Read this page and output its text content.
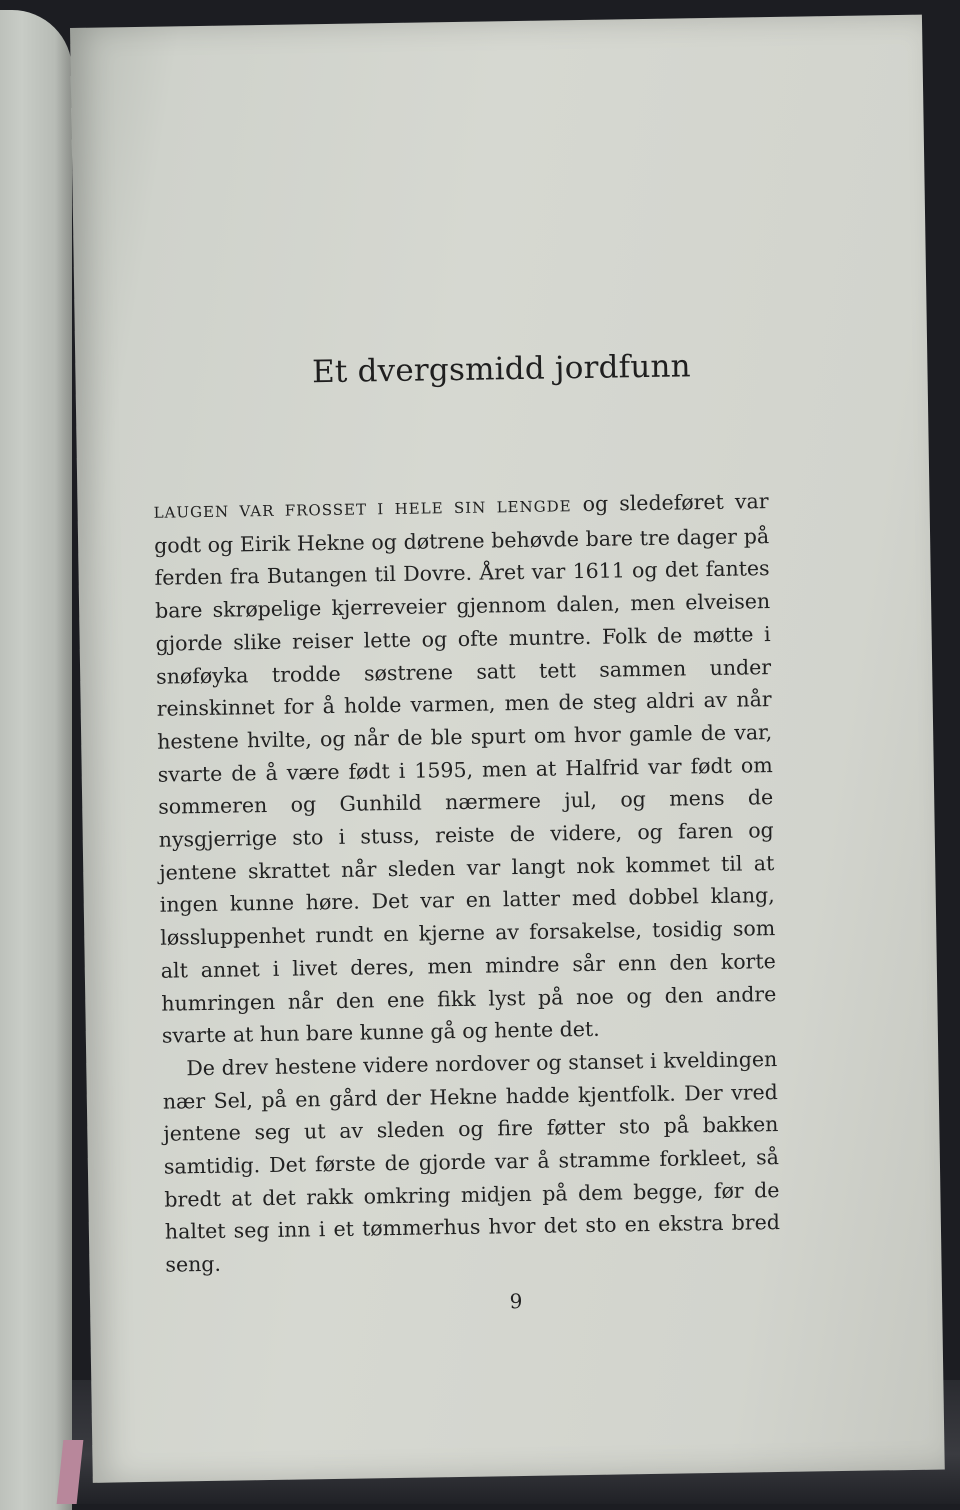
Et dvergsmidd jordfunn

LAUGEN VAR FROSSET I HELE SIN LENGDE og sledeføret var godt og Eirik Hekne og døtrene behøvde bare tre dager på ferden fra Butangen til Dovre. Året var 1611 og det fantes bare skrøpelige kjerreveier gjennom dalen, men elveisen gjorde slike reiser lette og ofte muntre. Folk de møtte i snøføyka trodde søstrene satt tett sammen under reinskinnet for å holde varmen, men de steg aldri av når hestene hvilte, og når de ble spurt om hvor gamle de var, svarte de å være født i 1595, men at Halfrid var født om sommeren og Gunhild nærmere jul, og mens de nysgjerrige sto i stuss, reiste de videre, og faren og jentene skrattet når sleden var langt nok kommet til at ingen kunne høre. Det var en latter med dobbel klang, løssluppenhet rundt en kjerne av forsakelse, tosidig som alt annet i livet deres, men mindre sår enn den korte humringen når den ene fikk lyst på noe og den andre svarte at hun bare kunne gå og hente det.

De drev hestene videre nordover og stanset i kveldingen nær Sel, på en gård der Hekne hadde kjentfolk. Der vred jentene seg ut av sleden og fire føtter sto på bakken samtidig. Det første de gjorde var å stramme forkleet, så bredt at det rakk omkring midjen på dem begge, før de haltet seg inn i et tømmerhus hvor det sto en ekstra bred seng.

9
